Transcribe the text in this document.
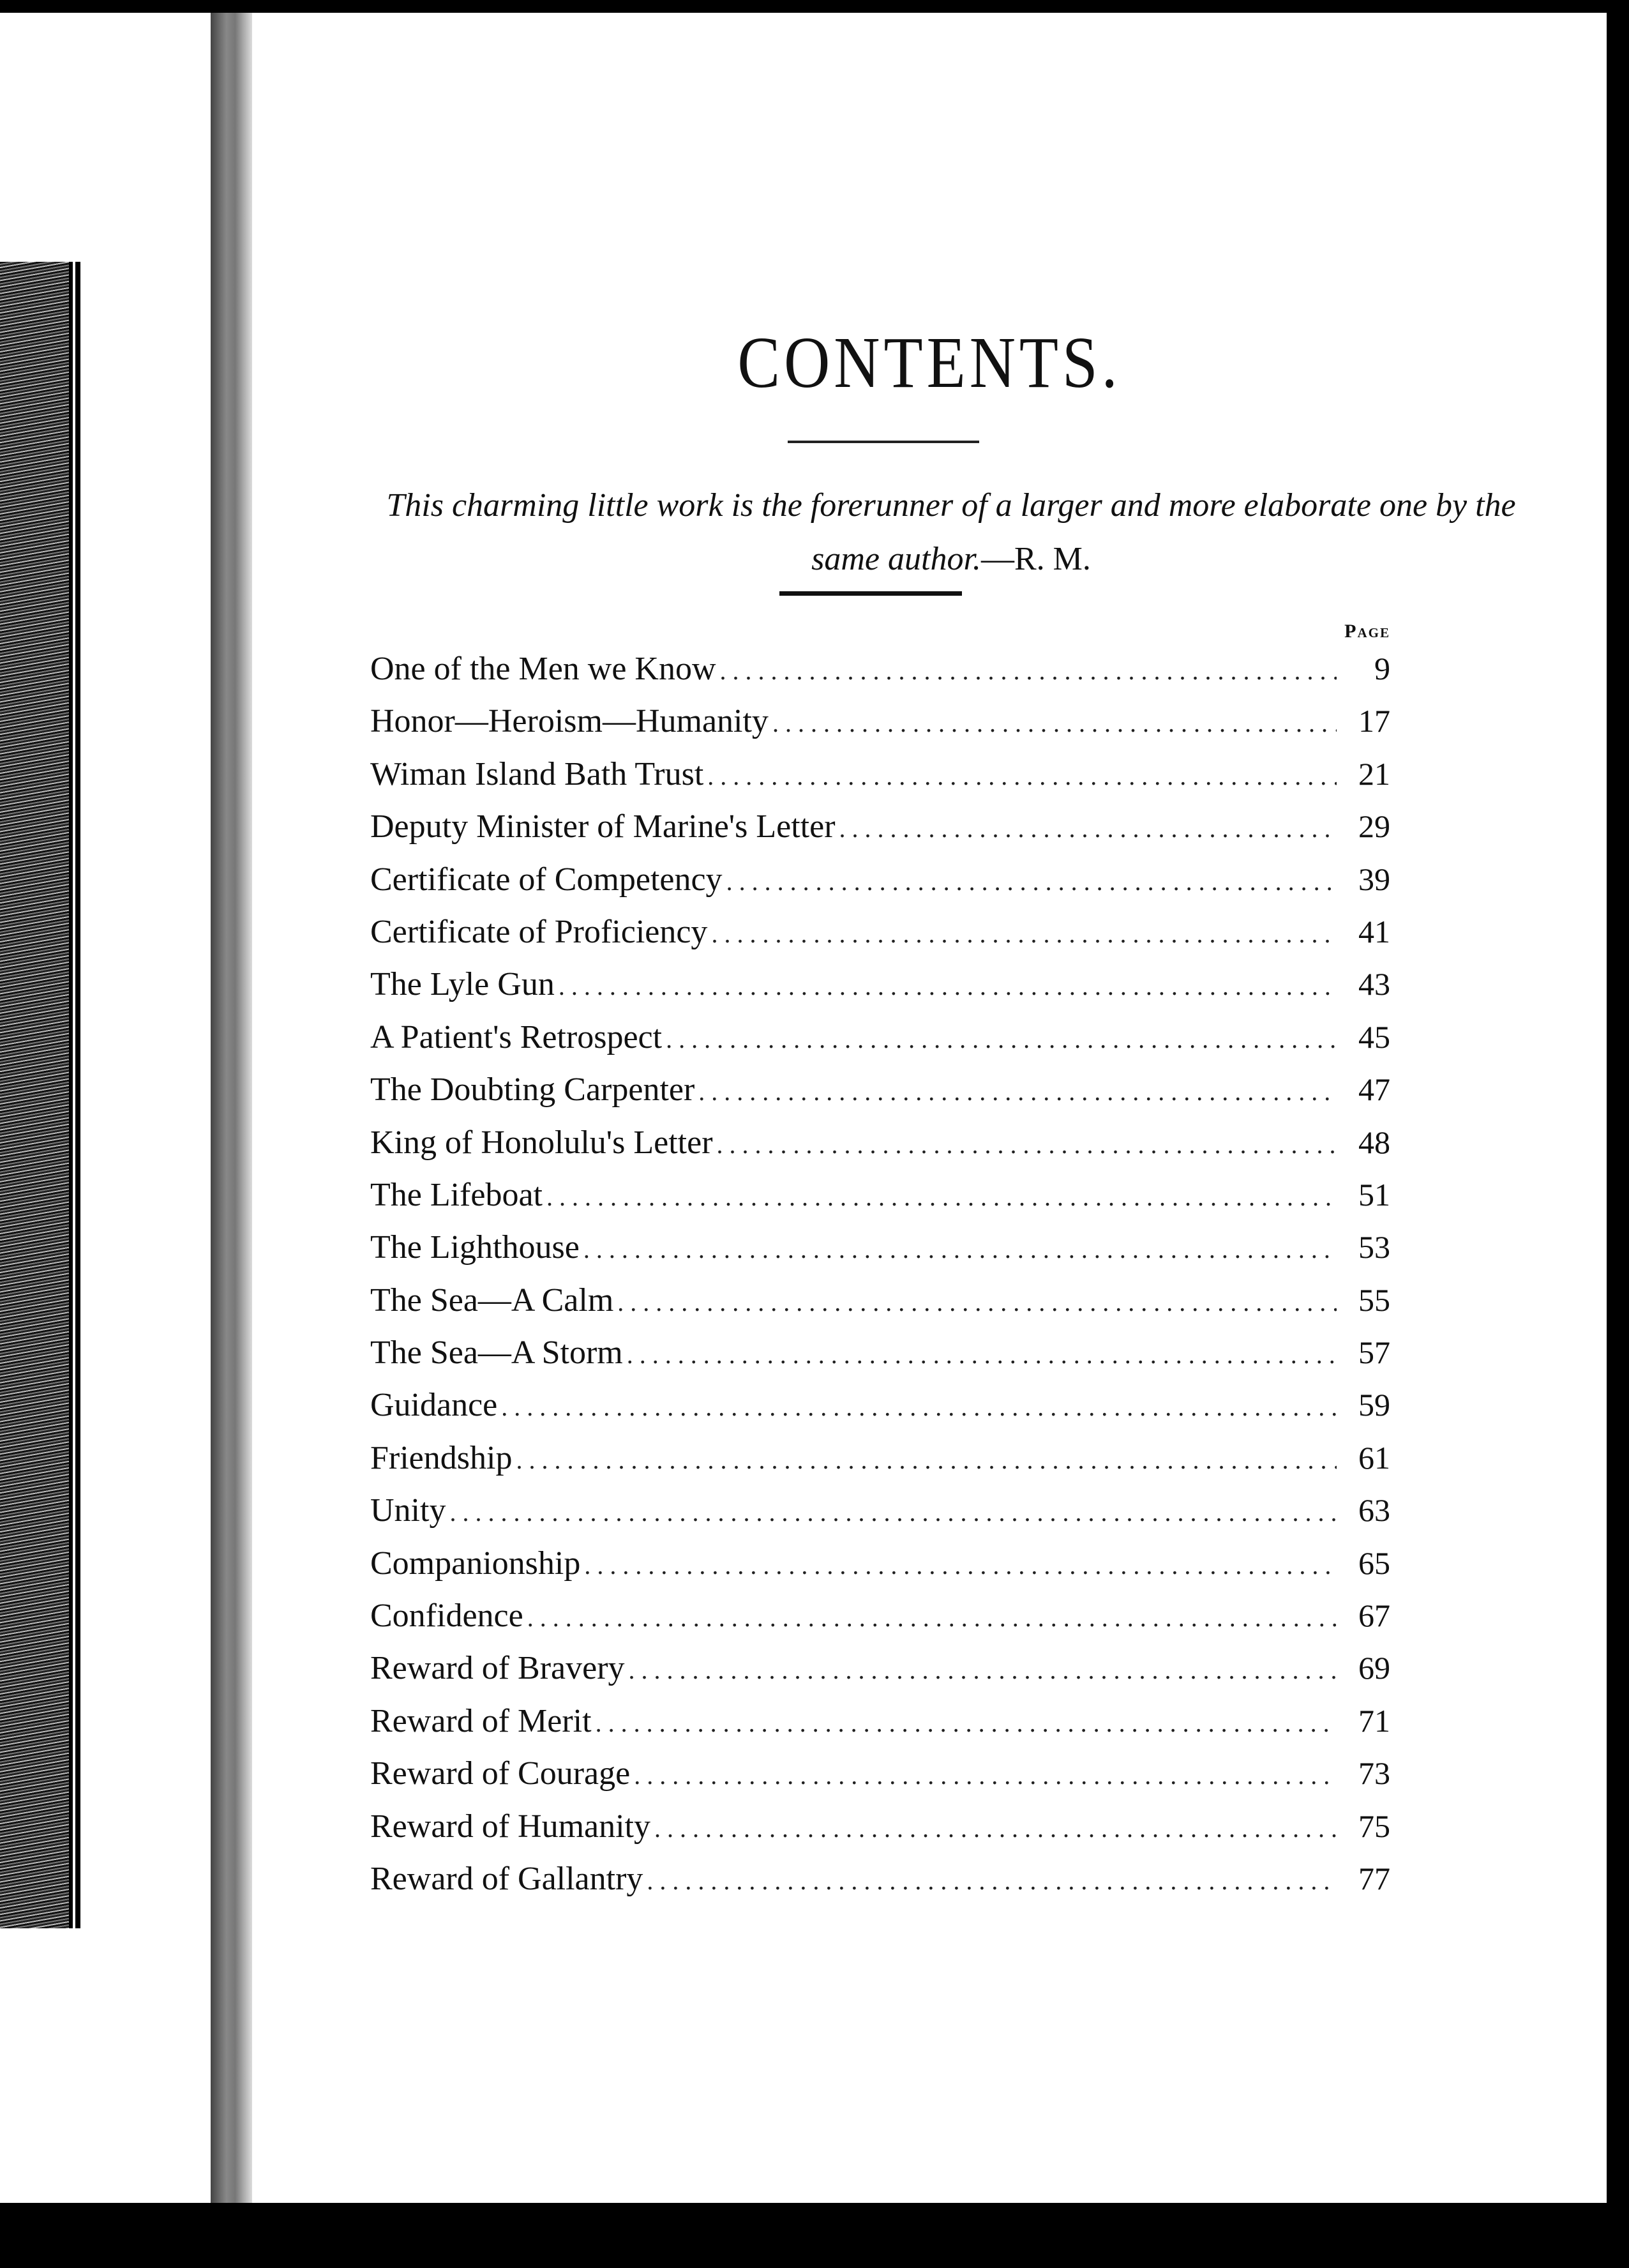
CONTENTS.
This charming little work is the forerunner of a larger and more elaborate one by the same author.—R. M.
Page
One of the Men we Know . . .	9
Honor—Heroism—Humanity . . .	17
Wiman Island Bath Trust . . .	21
Deputy Minister of Marine's Letter . . .	29
Certificate of Competency . . .	39
Certificate of Proficiency . . .	41
The Lyle Gun . . .	43
A Patient's Retrospect . . .	45
The Doubting Carpenter . . .	47
King of Honolulu's Letter . . .	48
The Lifeboat . . .	51
The Lighthouse . . .	53
The Sea—A Calm . . .	55
The Sea—A Storm . . .	57
Guidance . . .	59
Friendship . . .	61
Unity . . .	63
Companionship . . .	65
Confidence . . .	67
Reward of Bravery . . .	69
Reward of Merit . . .	71
Reward of Courage . . .	73
Reward of Humanity . . .	75
Reward of Gallantry . . .	77
